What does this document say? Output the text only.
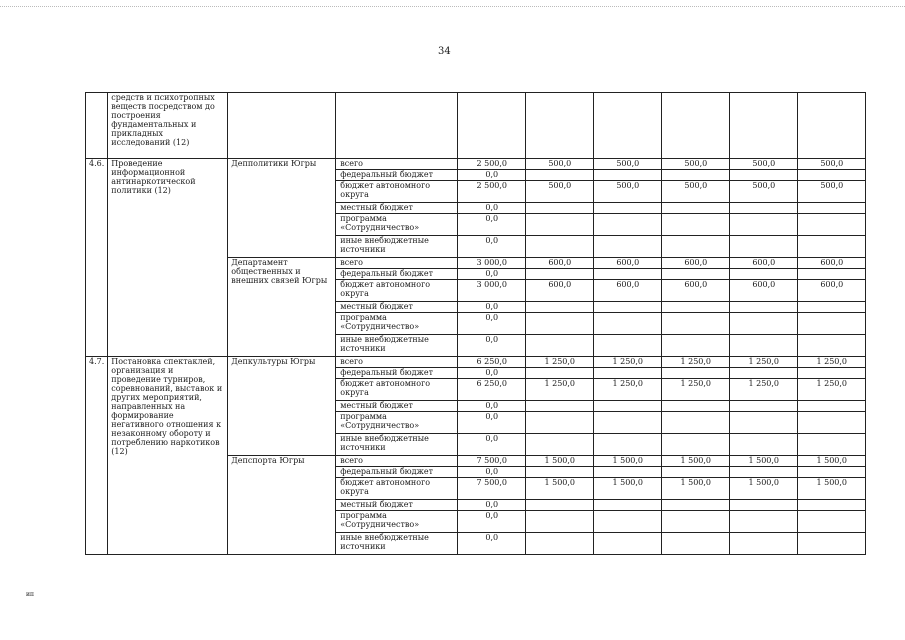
34
	средств и психотропных веществ посредством до построения фундаментальных и прикладных исследований (12)								
4.6.	Проведение информационной антинаркотической политики (12)	Депполитики Югры	всего	2 500,0	500,0	500,0	500,0	500,0	500,0
			федеральный бюджет	0,0					
			бюджет автономного округа	2 500,0	500,0	500,0	500,0	500,0	500,0
			местный бюджет	0,0					
			программа «Сотрудничество»	0,0					
			иные внебюджетные источники	0,0					
		Департамент общественных и внешних связей Югры	всего	3 000,0	600,0	600,0	600,0	600,0	600,0
			федеральный бюджет	0,0					
			бюджет автономного округа	3 000,0	600,0	600,0	600,0	600,0	600,0
			местный бюджет	0,0					
			программа «Сотрудничество»	0,0					
			иные внебюджетные источники	0,0					
4.7.	Постановка спектаклей, организация и проведение турниров, соревнований, выставок и других мероприятий, направленных на формирование негативного отношения к незаконному обороту и потреблению наркотиков (12)	Депкультуры Югры	всего	6 250,0	1 250,0	1 250,0	1 250,0	1 250,0	1 250,0
			федеральный бюджет	0,0					
			бюджет автономного округа	6 250,0	1 250,0	1 250,0	1 250,0	1 250,0	1 250,0
			местный бюджет	0,0					
			программа «Сотрудничество»	0,0					
			иные внебюджетные источники	0,0					
		Депспорта Югры	всего	7 500,0	1 500,0	1 500,0	1 500,0	1 500,0	1 500,0
			федеральный бюджет	0,0					
			бюджет автономного округа	7 500,0	1 500,0	1 500,0	1 500,0	1 500,0	1 500,0
			местный бюджет	0,0					
			программа «Сотрудничество»	0,0					
			иные внебюджетные источники	0,0					
ип
